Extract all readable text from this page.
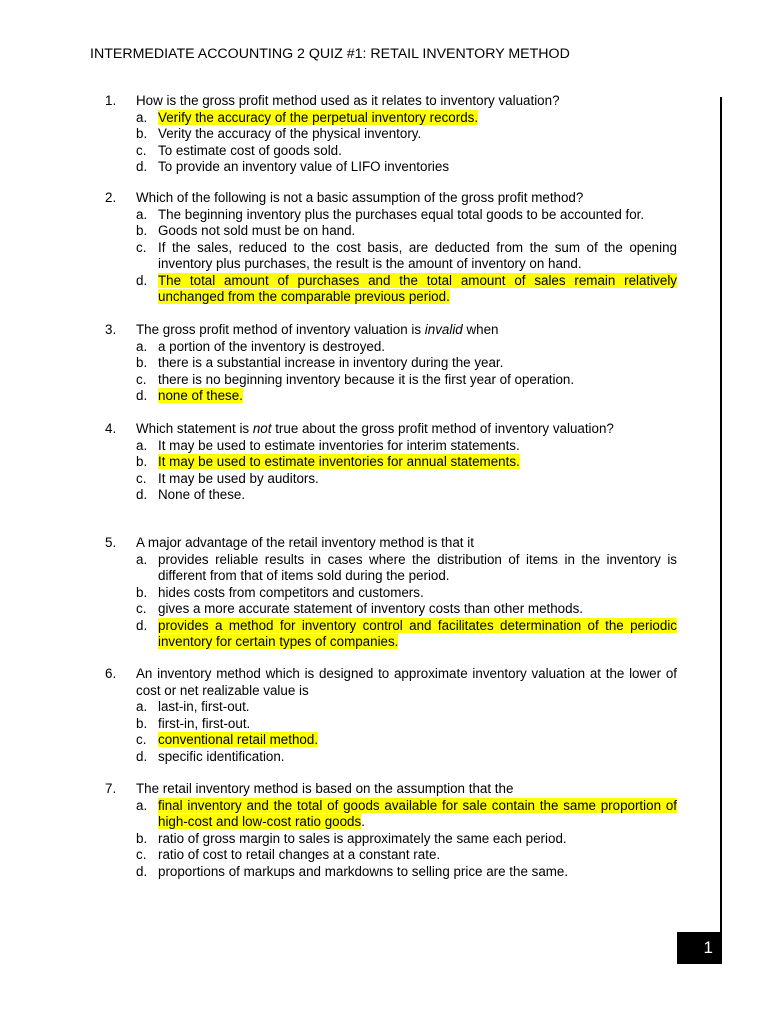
INTERMEDIATE ACCOUNTING 2 QUIZ #1: RETAIL INVENTORY METHOD
1. How is the gross profit method used as it relates to inventory valuation?
a. Verify the accuracy of the perpetual inventory records.
b. Verity the accuracy of the physical inventory.
c. To estimate cost of goods sold.
d. To provide an inventory value of LIFO inventories
2. Which of the following is not a basic assumption of the gross profit method?
a. The beginning inventory plus the purchases equal total goods to be accounted for.
b. Goods not sold must be on hand.
c. If the sales, reduced to the cost basis, are deducted from the sum of the opening inventory plus purchases, the result is the amount of inventory on hand.
d. The total amount of purchases and the total amount of sales remain relatively unchanged from the comparable previous period.
3. The gross profit method of inventory valuation is invalid when
a. a portion of the inventory is destroyed.
b. there is a substantial increase in inventory during the year.
c. there is no beginning inventory because it is the first year of operation.
d. none of these.
4. Which statement is not true about the gross profit method of inventory valuation?
a. It may be used to estimate inventories for interim statements.
b. It may be used to estimate inventories for annual statements.
c. It may be used by auditors.
d. None of these.
5. A major advantage of the retail inventory method is that it
a. provides reliable results in cases where the distribution of items in the inventory is different from that of items sold during the period.
b. hides costs from competitors and customers.
c. gives a more accurate statement of inventory costs than other methods.
d. provides a method for inventory control and facilitates determination of the periodic inventory for certain types of companies.
6. An inventory method which is designed to approximate inventory valuation at the lower of cost or net realizable value is
a. last-in, first-out.
b. first-in, first-out.
c. conventional retail method.
d. specific identification.
7. The retail inventory method is based on the assumption that the
a. final inventory and the total of goods available for sale contain the same proportion of high-cost and low-cost ratio goods.
b. ratio of gross margin to sales is approximately the same each period.
c. ratio of cost to retail changes at a constant rate.
d. proportions of markups and markdowns to selling price are the same.
1
